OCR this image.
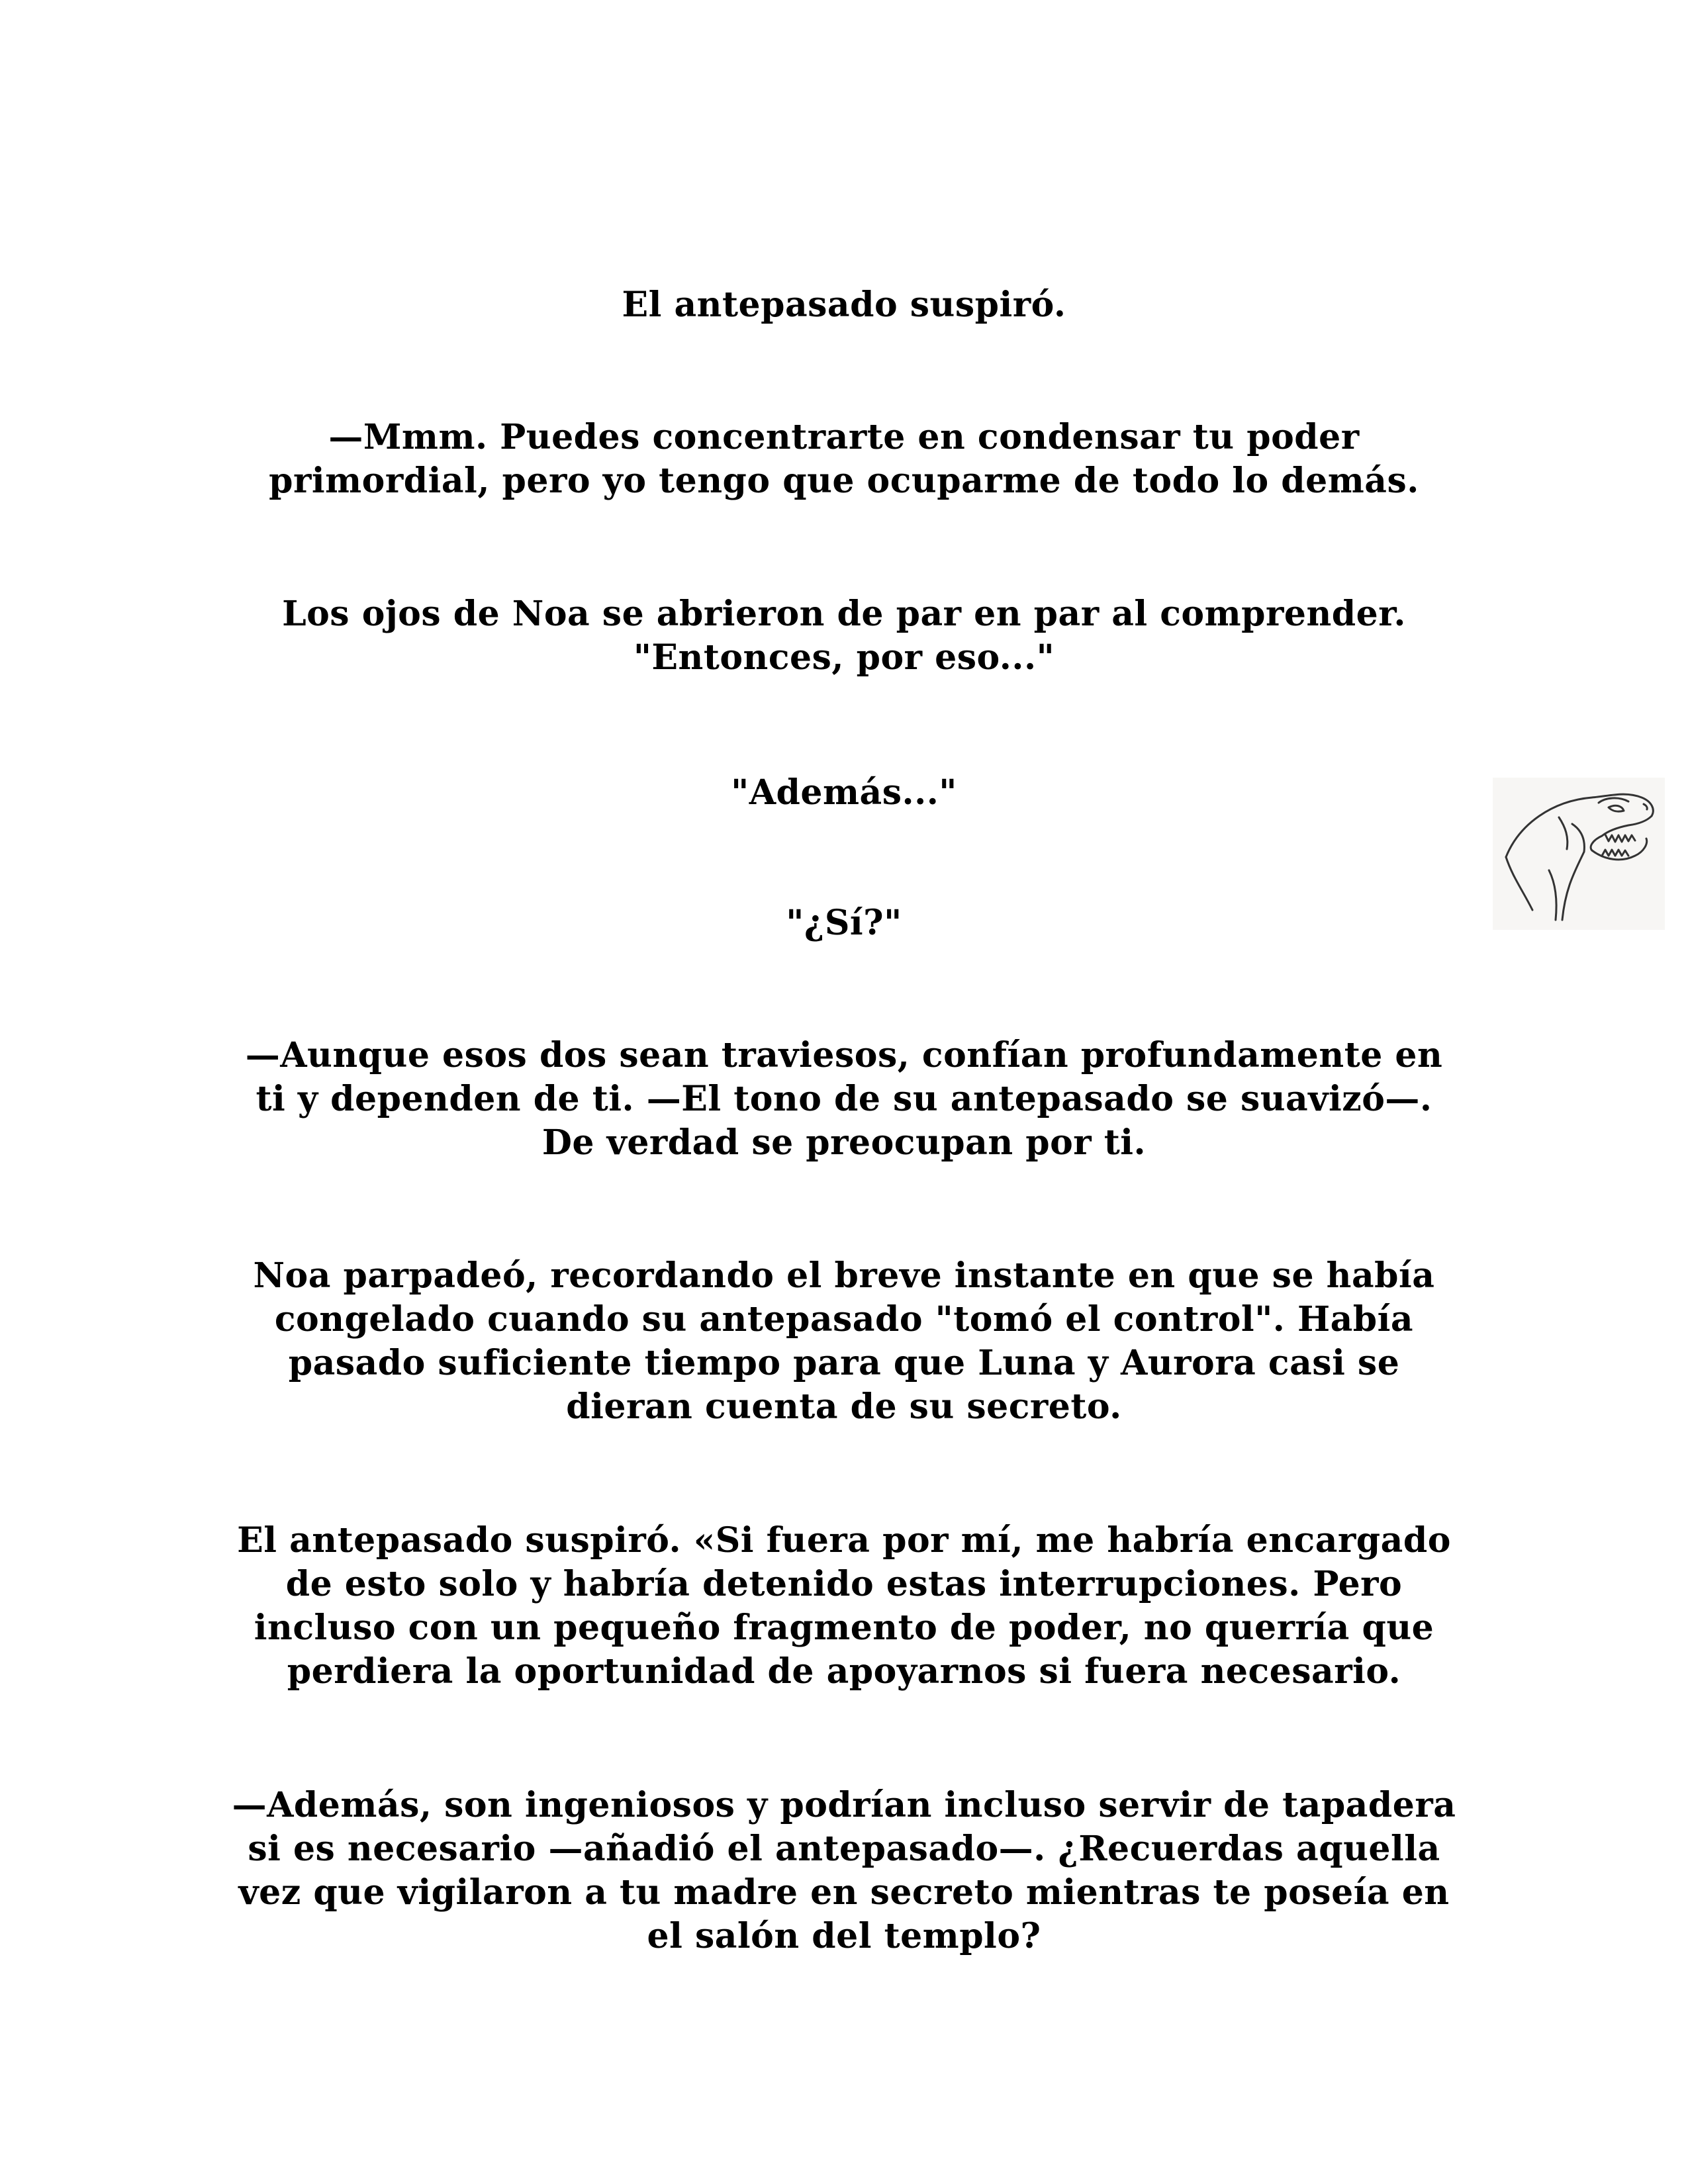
El antepasado suspiró.

—Mmm. Puedes concentrarte en condensar tu poder primordial, pero yo tengo que ocuparme de todo lo demás.

Los ojos de Noa se abrieron de par en par al comprender. "Entonces, por eso..."

"Además..."

"¿Sí?"

—Aunque esos dos sean traviesos, confían profundamente en ti y dependen de ti. —El tono de su antepasado se suavizó—. De verdad se preocupan por ti.

Noa parpadeó, recordando el breve instante en que se había congelado cuando su antepasado "tomó el control". Había pasado suficiente tiempo para que Luna y Aurora casi se dieran cuenta de su secreto.

El antepasado suspiró. «Si fuera por mí, me habría encargado de esto solo y habría detenido estas interrupciones. Pero incluso con un pequeño fragmento de poder, no querría que perdiera la oportunidad de apoyarnos si fuera necesario.

—Además, son ingeniosos y podrían incluso servir de tapadera si es necesario —añadió el antepasado—. ¿Recuerdas aquella vez que vigilaron a tu madre en secreto mientras te poseía en el salón del templo?
